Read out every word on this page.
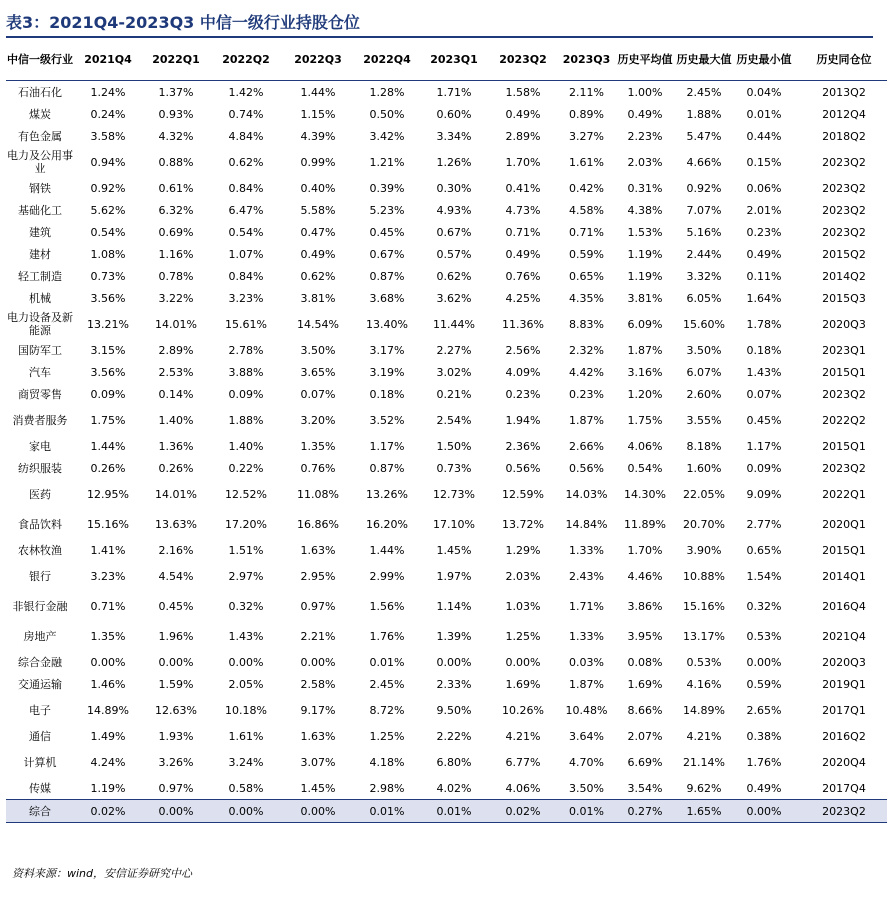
表3：2021Q4-2023Q3 中信一级行业持股仓位
中信一级行业	2021Q4	2022Q1	2022Q2	2022Q3	2022Q4	2023Q1	2023Q2	2023Q3	历史平均值	历史最大值	历史最小值	历史同仓位
石油石化	1.24%	1.37%	1.42%	1.44%	1.28%	1.71%	1.58%	2.11%	1.00%	2.45%	0.04%	2013Q2
煤炭	0.24%	0.93%	0.74%	1.15%	0.50%	0.60%	0.49%	0.89%	0.49%	1.88%	0.01%	2012Q4
有色金属	3.58%	4.32%	4.84%	4.39%	3.42%	3.34%	2.89%	3.27%	2.23%	5.47%	0.44%	2018Q2
电力及公用事业	0.94%	0.88%	0.62%	0.99%	1.21%	1.26%	1.70%	1.61%	2.03%	4.66%	0.15%	2023Q2
钢铁	0.92%	0.61%	0.84%	0.40%	0.39%	0.30%	0.41%	0.42%	0.31%	0.92%	0.06%	2023Q2
基础化工	5.62%	6.32%	6.47%	5.58%	5.23%	4.93%	4.73%	4.58%	4.38%	7.07%	2.01%	2023Q2
建筑	0.54%	0.69%	0.54%	0.47%	0.45%	0.67%	0.71%	0.71%	1.53%	5.16%	0.23%	2023Q2
建材	1.08%	1.16%	1.07%	0.49%	0.67%	0.57%	0.49%	0.59%	1.19%	2.44%	0.49%	2015Q2
轻工制造	0.73%	0.78%	0.84%	0.62%	0.87%	0.62%	0.76%	0.65%	1.19%	3.32%	0.11%	2014Q2
机械	3.56%	3.22%	3.23%	3.81%	3.68%	3.62%	4.25%	4.35%	3.81%	6.05%	1.64%	2015Q3
电力设备及新能源	13.21%	14.01%	15.61%	14.54%	13.40%	11.44%	11.36%	8.83%	6.09%	15.60%	1.78%	2020Q3
国防军工	3.15%	2.89%	2.78%	3.50%	3.17%	2.27%	2.56%	2.32%	1.87%	3.50%	0.18%	2023Q1
汽车	3.56%	2.53%	3.88%	3.65%	3.19%	3.02%	4.09%	4.42%	3.16%	6.07%	1.43%	2015Q1
商贸零售	0.09%	0.14%	0.09%	0.07%	0.18%	0.21%	0.23%	0.23%	1.20%	2.60%	0.07%	2023Q2
消费者服务	1.75%	1.40%	1.88%	3.20%	3.52%	2.54%	1.94%	1.87%	1.75%	3.55%	0.45%	2022Q2
家电	1.44%	1.36%	1.40%	1.35%	1.17%	1.50%	2.36%	2.66%	4.06%	8.18%	1.17%	2015Q1
纺织服装	0.26%	0.26%	0.22%	0.76%	0.87%	0.73%	0.56%	0.56%	0.54%	1.60%	0.09%	2023Q2
医药	12.95%	14.01%	12.52%	11.08%	13.26%	12.73%	12.59%	14.03%	14.30%	22.05%	9.09%	2022Q1
食品饮料	15.16%	13.63%	17.20%	16.86%	16.20%	17.10%	13.72%	14.84%	11.89%	20.70%	2.77%	2020Q1
农林牧渔	1.41%	2.16%	1.51%	1.63%	1.44%	1.45%	1.29%	1.33%	1.70%	3.90%	0.65%	2015Q1
银行	3.23%	4.54%	2.97%	2.95%	2.99%	1.97%	2.03%	2.43%	4.46%	10.88%	1.54%	2014Q1
非银行金融	0.71%	0.45%	0.32%	0.97%	1.56%	1.14%	1.03%	1.71%	3.86%	15.16%	0.32%	2016Q4
房地产	1.35%	1.96%	1.43%	2.21%	1.76%	1.39%	1.25%	1.33%	3.95%	13.17%	0.53%	2021Q4
综合金融	0.00%	0.00%	0.00%	0.00%	0.01%	0.00%	0.00%	0.03%	0.08%	0.53%	0.00%	2020Q3
交通运输	1.46%	1.59%	2.05%	2.58%	2.45%	2.33%	1.69%	1.87%	1.69%	4.16%	0.59%	2019Q1
电子	14.89%	12.63%	10.18%	9.17%	8.72%	9.50%	10.26%	10.48%	8.66%	14.89%	2.65%	2017Q1
通信	1.49%	1.93%	1.61%	1.63%	1.25%	2.22%	4.21%	3.64%	2.07%	4.21%	0.38%	2016Q2
计算机	4.24%	3.26%	3.24%	3.07%	4.18%	6.80%	6.77%	4.70%	6.69%	21.14%	1.76%	2020Q4
传媒	1.19%	0.97%	0.58%	1.45%	2.98%	4.02%	4.06%	3.50%	3.54%	9.62%	0.49%	2017Q4
综合	0.02%	0.00%	0.00%	0.00%	0.01%	0.01%	0.02%	0.01%	0.27%	1.65%	0.00%	2023Q2
资料来源：wind，安信证券研究中心
